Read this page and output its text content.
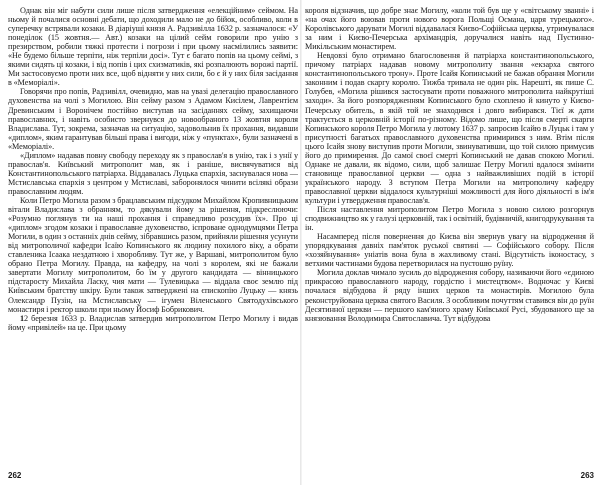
Однак він міг набути сили лише після затвердження «елекційним» сеймом. На ньому й почалися основні дебати, що доходили мало не до бійок, особливо, коли в суперечку встрявали козаки. В діарiуші князя А. Радзивілла 1632 р. зазначалося: «У понеділок (15 жовтня.— Авт.) козаки на цілий сейм говорили про унію з презирством, робили тяжкі протести і погрози і при цьому насмілились заявити: «Не будемо більше терпіти, ніж терпіли досі». Тут є багато попів на цьому сеймі, з якими сидять ці козаки, і від попів і цих схизматиків, які розпалюють ворожі партії. Ми застосовуємо проти них все, щоб відняти у них сили, бо є й у них біля засідання в «Меморіалі».

Говорячи про попів, Радзивілл, очевидно, мав на увазі делегацію православного духовенства на чолі з Могилою. Він сейму разом з Адамом Кисілем, Лаврентієм Древинським і Воронічем постійно виступав на засіданнях сейму, захищаючи православних, і навіть особисто звернувся до новообраного 13 жовтня короля Владислава. Тут, зокрема, зазначав на ситуацію, задовольнив їх прохання, видавши «диплом», яким гарантував більші права і вигоди, ніж у «пунктах», були зазначені в «Меморіалі».

«Диплом» надавав повну свободу переходу як з православ'я в унію, так і з унії у православ'я. Київський митрополит мав, як і раніше, висвячуватися від Константинопольського патріарха. Віддавалась Луцька єпархія, заснувалася нова — Мстиславська єпархія з центром у Мстиславі, заборонялося чинити всілякі образи православним людям.

Коли Петро Могила разом з брацлавським підсудком Михайлом Кропивницьким вітали Владислава з обранням, то дякували йому за рішення, підкреслюючи: «Розумно поглянув ти на наші прохання і справедливо розсудив їх». Про ці «диплом» згодом козаки і православне духовенство, іспроване однодумцями Петра Могили, в один з останніх днів сейму, зібравшись разом, прийняли рішення усунути від митрополичої кафедри Ісаїю Копинського як людину похилого віку, а обрати ставленика Ісаака нездатною і хворобливу. Тут же, у Варшаві, митрополитом було обрано Петра Могилу. Правда, на кафедру, на чолі з королем, які не бажали завертати Могилу митрополитом, бо їм у другого кандидата — вінницького підстаросту Михайла Ласку, чия мати — Тулевицька — віддала своє землю під Київським братству шкіру. Були також затверджені на єпископію Луцьку — князь Олександр Пузін, на Мстиславську — ігумен Віленського Святодухівського монастиря і ректор школи при ньому Йосиф Бобрикович.

12 березня 1633 р. Владислав затвердив митрополитом Петро Могилу і видав йому «привілей» на це. При цьому

262

короля відзначив, що добре знає Могилу, «коли той був ще у «світському званні» і «на очах його воював проти нового ворога Польщі Османа, царя турецького». Королівського дарувати Могилі віддавалася Києво-Софійська церква, утримувалася за ним і Києво-Печерська архімандрія, доручалися навіть над Пустинно-Микільським монастирем.

Невдовзі було отримано благословення й патріарха константинопольського, причому патріарх надавав новому митрополиту звання «екзарха святого константинопольського трону». Проте Ісайя Копинський не бажав обрання Могили законним і подав скаргу королю. Тижба тривала не один рік. Нарешті, як пише С. Голубев, «Могила рішився застосувати проти поважного митрополита найкрутіші заходи». За його розпорядженням Копинського було схоплено й кинуто у Києво-Печерську обитель, в якій той не знаходився і довго вибирався. Тієї ж дати трактується в церковній історії по-різному. Відомо лише, що після смерті скарги Копинського короля Петро Могила у лютому 1637 р. запросив Ісайю в Луцьк і там у присутності багатьох православного духовенства примирився з ним. Втім після цього Ісайя знову виступив проти Могили, звинувативши, що той силою примусив його до примирення. До самої своєї смерті Копинський не давав спокою Могилі. Однаке не давали, як відомо, сили, щоб залишає Петру Могилі вдалося змінити становище православної церкви — одна з найважливіших подій в історії українського народу. З вступом Петра Могили на митрополичу кафедру православної церкви віддалося культурніші можливості для його діяльності в ім'я культури і утвердження православ'я.

Після наставлення митрополитом Петро Могила з новою силою розгорнув сподвижництво як у галузі церковній, так і освітній, будівничій, книгодрукування та ін.

Насамперед після повернення до Києва він звернув увагу на відродження й упорядкування давніх пам'яток руської святині — Софійського собору. Після «хозяйнування» уніатів вона була в жахливому стані. Відсутність іконостасу, з ветхими частинами будова перетворилася на пустошю руїну.

Могила доклав чимало зусиль до відродження собору, називаючи його «єдиною прикрасою православного народу, гордістю і мистецтвом». Водночас у Києві почалася відбудова й ряду інших церков та монастирів. Могилою була реконструйована церква святого Василя. З особливим почуттям ставився він до руїн Десятинної церкви — першого кам'яного храму Київської Русі, збудованого ще за князювання Володимира Святославича. Тут відбудова

263
